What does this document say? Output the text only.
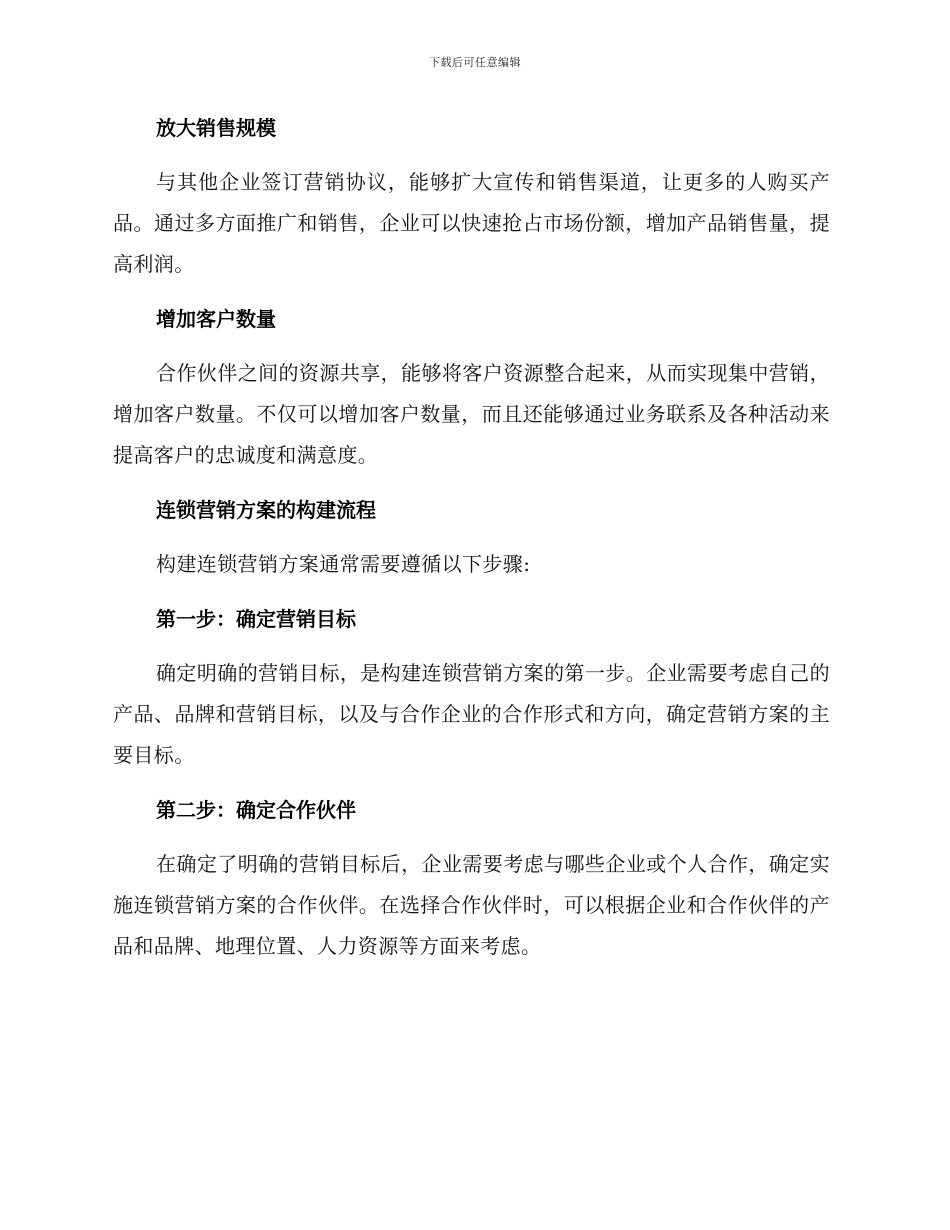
下载后可任意编辑
放大销售规模
与其他企业签订营销协议，能够扩大宣传和销售渠道，让更多的人购买产品。通过多方面推广和销售，企业可以快速抢占市场份额，增加产品销售量，提高利润。
增加客户数量
合作伙伴之间的资源共享，能够将客户资源整合起来，从而实现集中营销，增加客户数量。不仅可以增加客户数量，而且还能够通过业务联系及各种活动来提高客户的忠诚度和满意度。
连锁营销方案的构建流程
构建连锁营销方案通常需要遵循以下步骤:
第一步：确定营销目标
确定明确的营销目标，是构建连锁营销方案的第一步。企业需要考虑自己的产品、品牌和营销目标，以及与合作企业的合作形式和方向，确定营销方案的主要目标。
第二步：确定合作伙伴
在确定了明确的营销目标后，企业需要考虑与哪些企业或个人合作，确定实施连锁营销方案的合作伙伴。在选择合作伙伴时，可以根据企业和合作伙伴的产品和品牌、地理位置、人力资源等方面来考虑。
